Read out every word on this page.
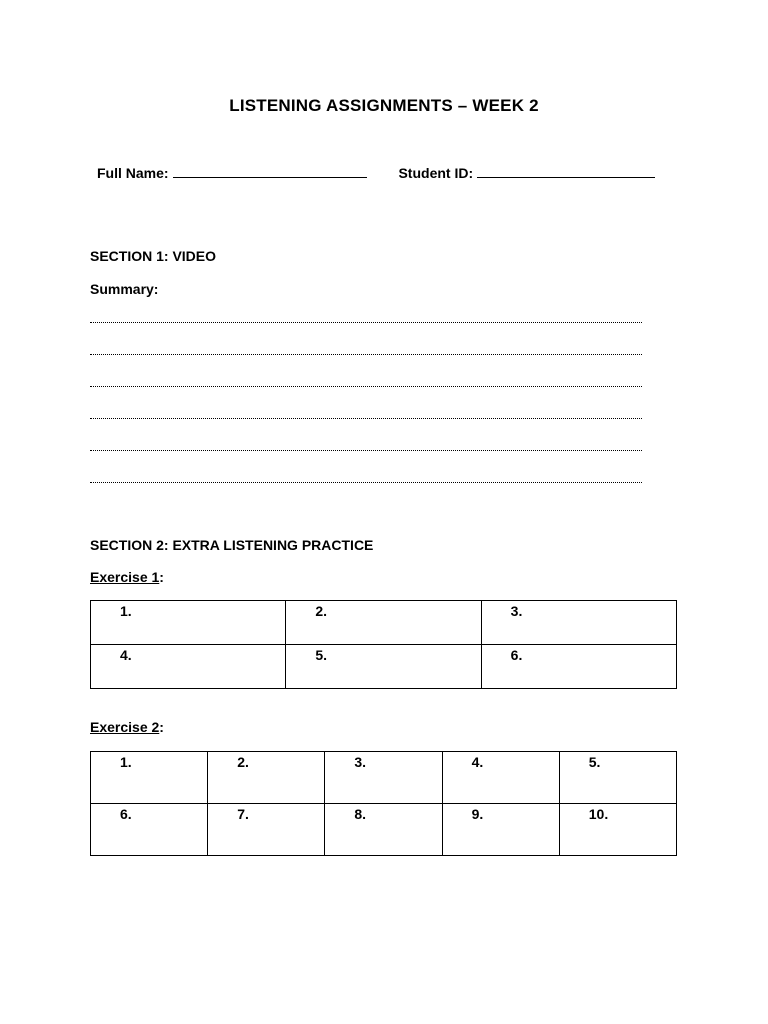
LISTENING ASSIGNMENTS – WEEK 2
Full Name:	Student ID:
SECTION 1: VIDEO
Summary:
SECTION 2: EXTRA LISTENING PRACTICE
Exercise 1:
1.	2.	3.
4.	5.	6.
Exercise 2:
1.	2.	3.	4.	5.
6.	7.	8.	9.	10.
